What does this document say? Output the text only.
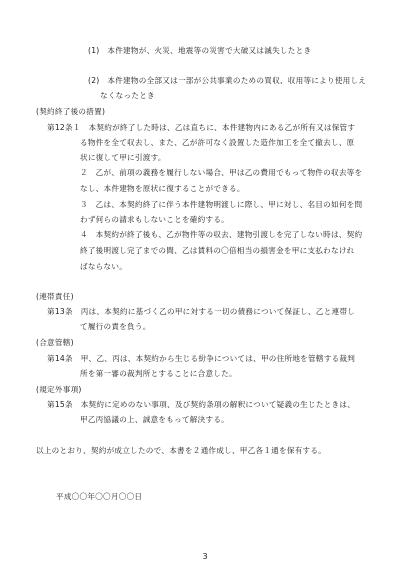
(1)　本件建物が、火災、地震等の災害で大破又は滅失したとき
(2)　本件建物の全部又は一部が公共事業のための買収、収用等により使用しえ
なくなったとき
(契約終了後の措置)
第12条１　本契約が終了した時は、乙は直ちに、本件建物内にある乙が所有又は保管す
る物件を全て収去し、また、乙が許可なく設置した造作加工を全て撤去し、原
状に復して甲に引渡す。
２　乙が、前項の義務を履行しない場合、甲は乙の費用でもって物件の収去等を
なし、本件建物を原状に復することができる。
３　乙は、本契約終了に伴う本件建物明渡しに際し、甲に対し、名目の如何を問
わず何らの請求もしないことを確約する。
４　本契約が終了後も、乙が物件等の収去、建物引渡しを完了しない時は、契約
終了後明渡し完了までの間、乙は賃料の〇倍相当の損害金を甲に支払わなけれ
ばならない。
(連帯責任)
第13条　丙は、本契約に基づく乙の甲に対する一切の債務について保証し、乙と連帯し
て履行の責を負う。
(合意管轄)
第14条　甲、乙、丙は、本契約から生じる紛争については、甲の住所地を管轄する裁判
所を第一審の裁判所とすることに合意した。
(規定外事項)
第15条　本契約に定めのない事項、及び契約条項の解釈について疑義の生じたときは、
甲乙丙協議の上、誠意をもって解決する。
以上のとおり、契約が成立したので、本書を２通作成し、甲乙各１通を保有する。
平成〇〇年〇〇月〇〇日
3
